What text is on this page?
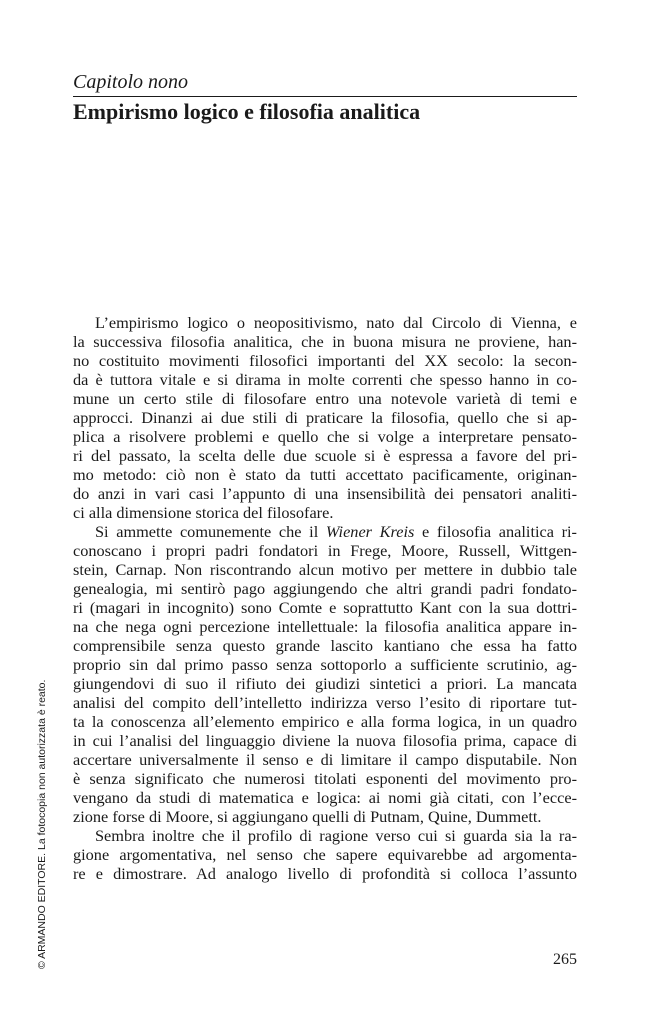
Capitolo nono

Empirismo logico e filosofia analitica
L’empirismo logico o neopositivismo, nato dal Circolo di Vienna, e
la successiva filosofia analitica, che in buona misura ne proviene, han-
no costituito movimenti filosofici importanti del XX secolo: la secon-
da è tuttora vitale e si dirama in molte correnti che spesso hanno in co-
mune un certo stile di filosofare entro una notevole varietà di temi e
approcci. Dinanzi ai due stili di praticare la filosofia, quello che si ap-
plica a risolvere problemi e quello che si volge a interpretare pensato-
ri del passato, la scelta delle due scuole si è espressa a favore del pri-
mo metodo: ciò non è stato da tutti accettato pacificamente, originan-
do anzi in vari casi l’appunto di una insensibilità dei pensatori analiti-
ci alla dimensione storica del filosofare.
Si ammette comunemente che il Wiener Kreis e filosofia analitica ri-
conoscano i propri padri fondatori in Frege, Moore, Russell, Wittgen-
stein, Carnap. Non riscontrando alcun motivo per mettere in dubbio tale
genealogia, mi sentirò pago aggiungendo che altri grandi padri fondato-
ri (magari in incognito) sono Comte e soprattutto Kant con la sua dottri-
na che nega ogni percezione intellettuale: la filosofia analitica appare in-
comprensibile senza questo grande lascito kantiano che essa ha fatto
proprio sin dal primo passo senza sottoporlo a sufficiente scrutinio, ag-
giungendovi di suo il rifiuto dei giudizi sintetici a priori. La mancata
analisi del compito dell’intelletto indirizza verso l’esito di riportare tut-
ta la conoscenza all’elemento empirico e alla forma logica, in un quadro
in cui l’analisi del linguaggio diviene la nuova filosofia prima, capace di
accertare universalmente il senso e di limitare il campo disputabile. Non
è senza significato che numerosi titolati esponenti del movimento pro-
vengano da studi di matematica e logica: ai nomi già citati, con l’ecce-
zione forse di Moore, si aggiungano quelli di Putnam, Quine, Dummett.
Sembra inoltre che il profilo di ragione verso cui si guarda sia la ra-
gione argomentativa, nel senso che sapere equivarebbe ad argomenta-
re e dimostrare. Ad analogo livello di profondità si colloca l’assunto
© ARMANDO EDITORE. La fotocopia non autorizzata è reato.	265
